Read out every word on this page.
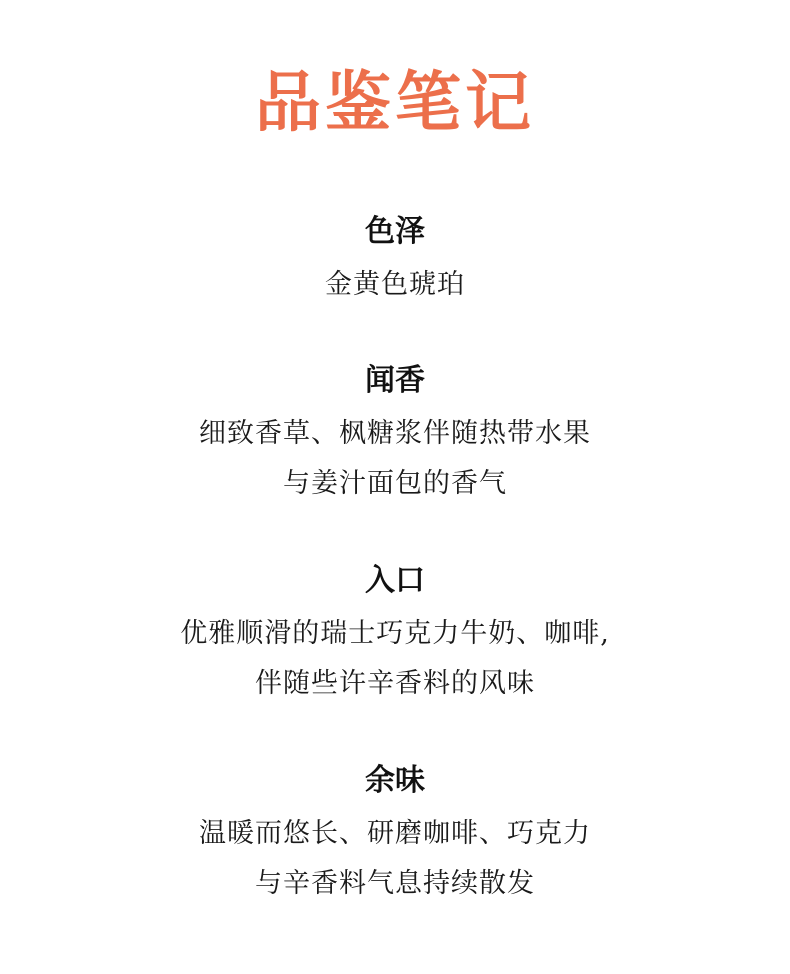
品鉴笔记
色泽
金黄色琥珀
闻香
细致香草、枫糖浆伴随热带水果
与姜汁面包的香气
入口
优雅顺滑的瑞士巧克力牛奶、咖啡,
伴随些许辛香料的风味
余味
温暖而悠长、研磨咖啡、巧克力
与辛香料气息持续散发
